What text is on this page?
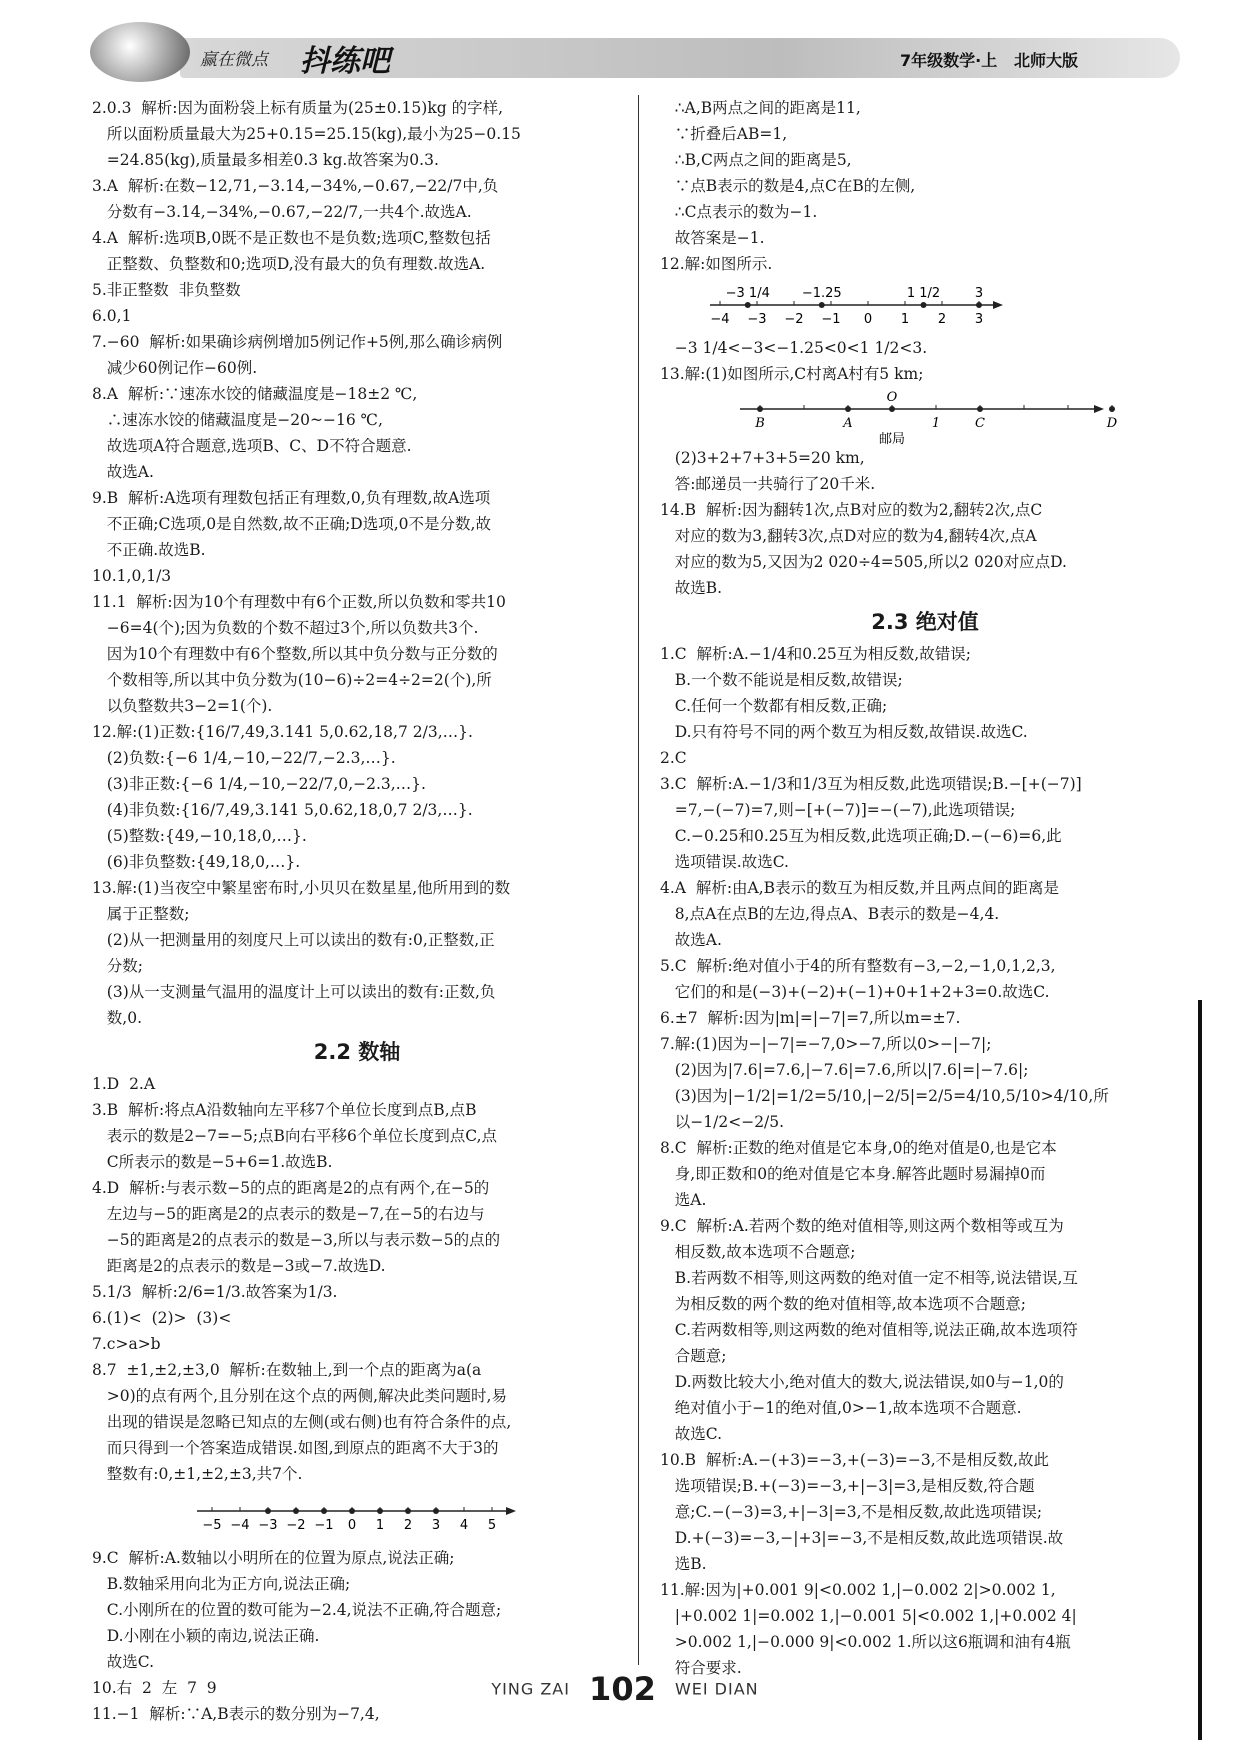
赢在微点 抖练吧	7年级数学·上 北师大版

2.0.3  解析:因为面粉袋上标有质量为(25±0.15)kg 的字样,

所以面粉质量最大为25+0.15=25.15(kg),最小为25−0.15

=24.85(kg),质量最多相差0.3 kg.故答案为0.3.

3.A  解析:在数−12,71,−3.14,−34%,−0.67,−22/7中,负

分数有−3.14,−34%,−0.67,−22/7,一共4个.故选A.

4.A  解析:选项B,0既不是正数也不是负数;选项C,整数包括

正整数、负整数和0;选项D,没有最大的负有理数.故选A.

5.非正整数  非负整数

6.0,1

7.−60  解析:如果确诊病例增加5例记作+5例,那么确诊病例

减少60例记作−60例.

8.A  解析:∵速冻水饺的储藏温度是−18±2 ℃,

∴速冻水饺的储藏温度是−20~−16 ℃,

故选项A符合题意,选项B、C、D不符合题意.

故选A.

9.B  解析:A选项有理数包括正有理数,0,负有理数,故A选项

不正确;C选项,0是自然数,故不正确;D选项,0不是分数,故

不正确.故选B.

10.1,0,1/3

11.1  解析:因为10个有理数中有6个正数,所以负数和零共10

−6=4(个);因为负数的个数不超过3个,所以负数共3个.

因为10个有理数中有6个整数,所以其中负分数与正分数的

个数相等,所以其中负分数为(10−6)÷2=4÷2=2(个),所

以负整数共3−2=1(个).

12.解:(1)正数:{16/7,49,3.141 5,0.62,18,7 2/3,…}.

(2)负数:{−6 1/4,−10,−22/7,−2.3,…}.

(3)非正数:{−6 1/4,−10,−22/7,0,−2.3,…}.

(4)非负数:{16/7,49,3.141 5,0.62,18,0,7 2/3,…}.

(5)整数:{49,−10,18,0,…}.

(6)非负整数:{49,18,0,…}.

13.解:(1)当夜空中繁星密布时,小贝贝在数星星,他所用到的数

属于正整数;

(2)从一把测量用的刻度尺上可以读出的数有:0,正整数,正

分数;

(3)从一支测量气温用的温度计上可以读出的数有:正数,负

数,0.

2.2 数轴

1.D  2.A

3.B  解析:将点A沿数轴向左平移7个单位长度到点B,点B

表示的数是2−7=−5;点B向右平移6个单位长度到点C,点

C所表示的数是−5+6=1.故选B.

4.D  解析:与表示数−5的点的距离是2的点有两个,在−5的

左边与−5的距离是2的点表示的数是−7,在−5的右边与

−5的距离是2的点表示的数是−3,所以与表示数−5的点的

距离是2的点表示的数是−3或−7.故选D.

5.1/3  解析:2/6=1/3.故答案为1/3.

6.(1)<  (2)>  (3)<

7.c>a>b

8.7  ±1,±2,±3,0  解析:在数轴上,到一个点的距离为a(a

>0)的点有两个,且分别在这个点的两侧,解决此类问题时,易

出现的错误是忽略已知点的左侧(或右侧)也有符合条件的点,

而只得到一个答案造成错误.如图,到原点的距离不大于3的

整数有:0,±1,±2,±3,共7个.

−5 −4 −3 −2 −1 0 1 2 3 4 5

9.C  解析:A.数轴以小明所在的位置为原点,说法正确;

B.数轴采用向北为正方向,说法正确;

C.小刚所在的位置的数可能为−2.4,说法不正确,符合题意;

D.小刚在小颖的南边,说法正确.

故选C.

10.右  2  左  7  9

11.−1  解析:∵A,B表示的数分别为−7,4,

∴A,B两点之间的距离是11,

∵折叠后AB=1,

∴B,C两点之间的距离是5,

∵点B表示的数是4,点C在B的左侧,

∴C点表示的数为−1.

故答案是−1.

12.解:如图所示.

−4 −3 −2 −1 0 1 2 3
−3 1/4 −1.25	1 1/2	3

−3 1/4<−3<−1.25<0<1 1/2<3.

13.解:(1)如图所示,C村离A村有5 km;

B	A
O
1	C	D
邮局

(2)3+2+7+3+5=20 km,

答:邮递员一共骑行了20千米.

14.B  解析:因为翻转1次,点B对应的数为2,翻转2次,点C

对应的数为3,翻转3次,点D对应的数为4,翻转4次,点A

对应的数为5,又因为2 020÷4=505,所以2 020对应点D.

故选B.

2.3 绝对值

1.C  解析:A.−1/4和0.25互为相反数,故错误;

B.一个数不能说是相反数,故错误;

C.任何一个数都有相反数,正确;

D.只有符号不同的两个数互为相反数,故错误.故选C.

2.C

3.C  解析:A.−1/3和1/3互为相反数,此选项错误;B.−[+(−7)]

=7,−(−7)=7,则−[+(−7)]=−(−7),此选项错误;

C.−0.25和0.25互为相反数,此选项正确;D.−(−6)=6,此

选项错误.故选C.

4.A  解析:由A,B表示的数互为相反数,并且两点间的距离是

8,点A在点B的左边,得点A、B表示的数是−4,4.

故选A.

5.C  解析:绝对值小于4的所有整数有−3,−2,−1,0,1,2,3,

它们的和是(−3)+(−2)+(−1)+0+1+2+3=0.故选C.

6.±7  解析:因为|m|=|−7|=7,所以m=±7.

7.解:(1)因为−|−7|=−7,0>−7,所以0>−|−7|;

(2)因为|7.6|=7.6,|−7.6|=7.6,所以|7.6|=|−7.6|;

(3)因为|−1/2|=1/2=5/10,|−2/5|=2/5=4/10,5/10>4/10,所

以−1/2<−2/5.

8.C  解析:正数的绝对值是它本身,0的绝对值是0,也是它本

身,即正数和0的绝对值是它本身.解答此题时易漏掉0而

选A.

9.C  解析:A.若两个数的绝对值相等,则这两个数相等或互为

相反数,故本选项不合题意;

B.若两数不相等,则这两数的绝对值一定不相等,说法错误,互

为相反数的两个数的绝对值相等,故本选项不合题意;

C.若两数相等,则这两数的绝对值相等,说法正确,故本选项符

合题意;

D.两数比较大小,绝对值大的数大,说法错误,如0与−1,0的

绝对值小于−1的绝对值,0>−1,故本选项不合题意.

故选C.

10.B  解析:A.−(+3)=−3,+(−3)=−3,不是相反数,故此

选项错误;B.+(−3)=−3,+|−3|=3,是相反数,符合题

意;C.−(−3)=3,+|−3|=3,不是相反数,故此选项错误;

D.+(−3)=−3,−|+3|=−3,不是相反数,故此选项错误.故

选B.

11.解:因为|+0.001 9|<0.002 1,|−0.002 2|>0.002 1,

|+0.002 1|=0.002 1,|−0.001 5|<0.002 1,|+0.002 4|

>0.002 1,|−0.000 9|<0.002 1.所以这6瓶调和油有4瓶

符合要求.

YING ZAI 102 WEI DIAN
